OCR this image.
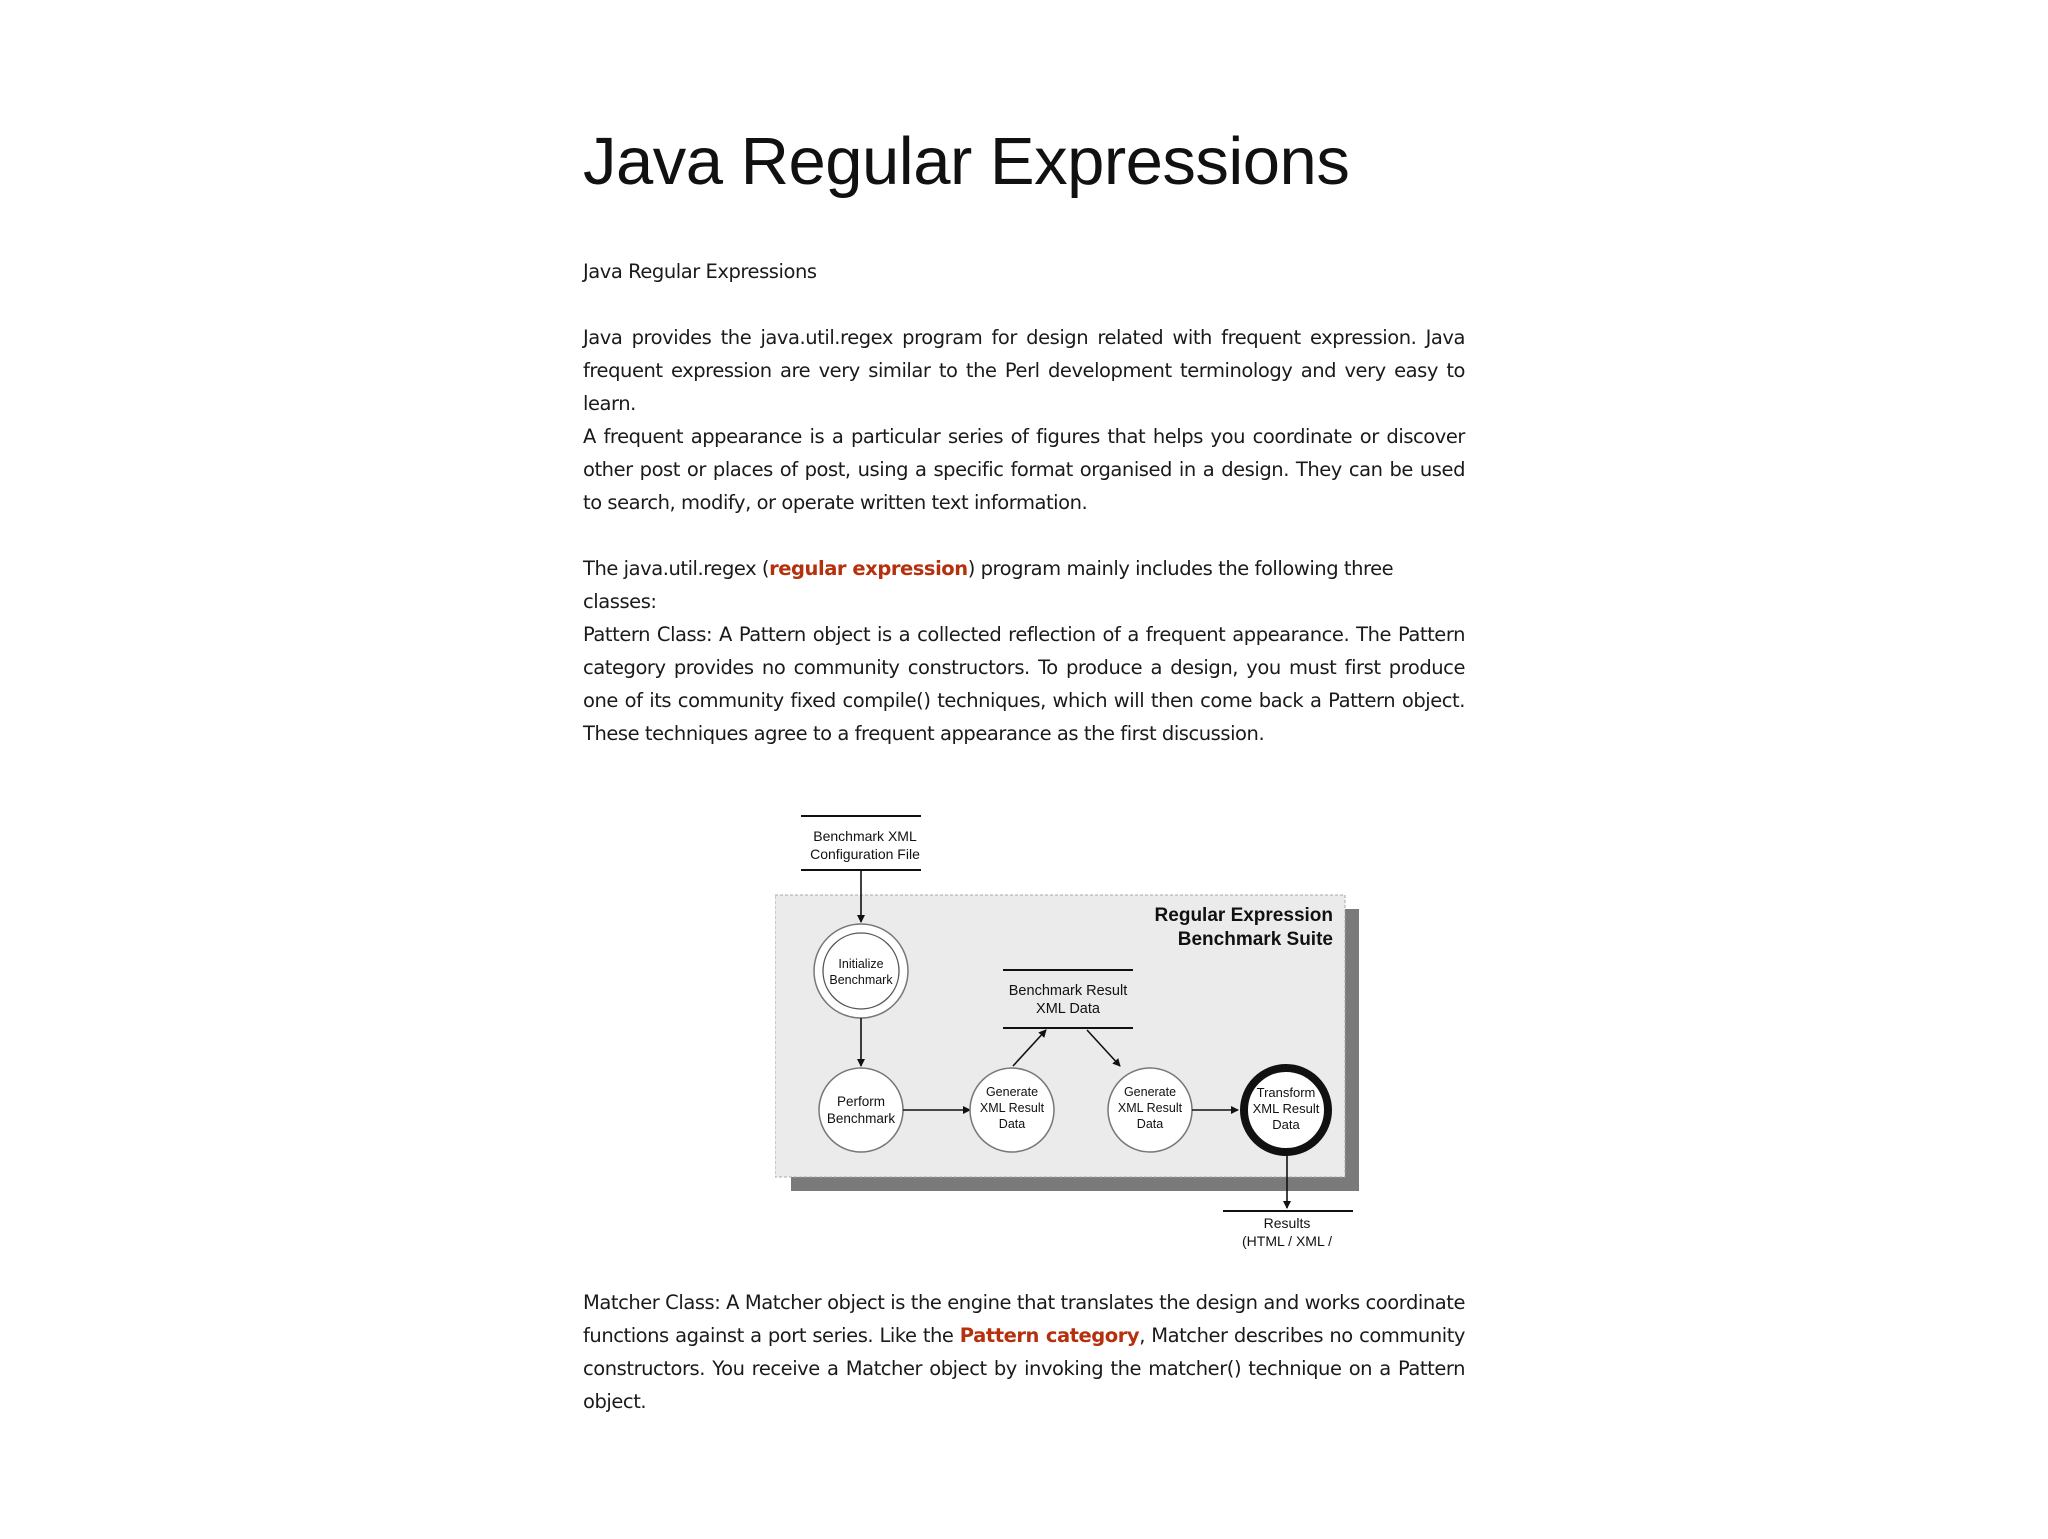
Java Regular Expressions

Java Regular Expressions

Java provides the java.util.regex program for design related with frequent expression. Java frequent expression are very similar to the Perl development terminology and very easy to learn.

A frequent appearance is a particular series of figures that helps you coordinate or discover other post or places of post, using a specific format organised in a design. They can be used to search, modify, or operate written text information.

The java.util.regex (regular expression) program mainly includes the following three classes:

Pattern Class: A Pattern object is a collected reflection of a frequent appearance. The Pattern category provides no community constructors. To produce a design, you must first produce one of its community fixed compile() techniques, which will then come back a Pattern object. These techniques agree to a frequent appearance as the first discussion.

Regular Expression
Benchmark Suite
Benchmark XML
Configuration File
Initialize
Benchmark
Perform
Benchmark
Generate
XML Result
Data
Benchmark Result
XML Data
Generate
XML Result
Data
Transform
XML Result
Data
Results
(HTML / XML /

Matcher Class: A Matcher object is the engine that translates the design and works coordinate functions against a port series. Like the Pattern category, Matcher describes no community constructors. You receive a Matcher object by invoking the matcher() technique on a Pattern object.
